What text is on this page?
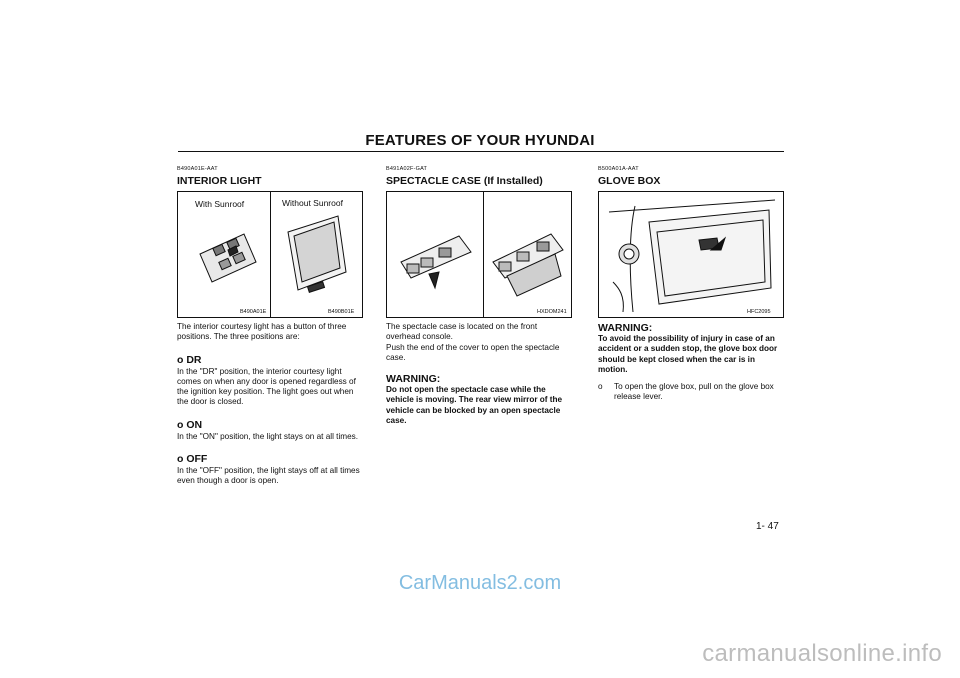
FEATURES OF YOUR HYUNDAI
B490A01E-AAT
INTERIOR LIGHT
With Sunroof	Without Sunroof
B490A01E	B490B01E
The interior courtesy light has a button of three positions. The three positions are:
o DR
In the "DR" position, the interior courtesy light comes on when any door is opened regardless of the ignition key position. The light goes out when the door is closed.
o ON
In the "ON" position, the light stays on at all times.
o OFF
In the "OFF" position, the light stays off at all times even though a door is open.
B491A02F-GAT
SPECTACLE CASE (If Installed)
HXDOM241
The spectacle case is located on the front overhead console.
Push the end of the cover to open the spectacle case.
WARNING:
Do not open the spectacle case while the vehicle is moving. The rear view mirror of the vehicle can be blocked by an open spectacle case.
B500A01A-AAT
GLOVE BOX
HFC2095
WARNING:
To avoid the possibility of injury in case of an accident or a sudden stop, the glove box door should be kept closed when the car is in motion.
o	To open the glove box, pull on the glove box release lever.
1- 47
CarManuals2.com
carmanualsonline.info
